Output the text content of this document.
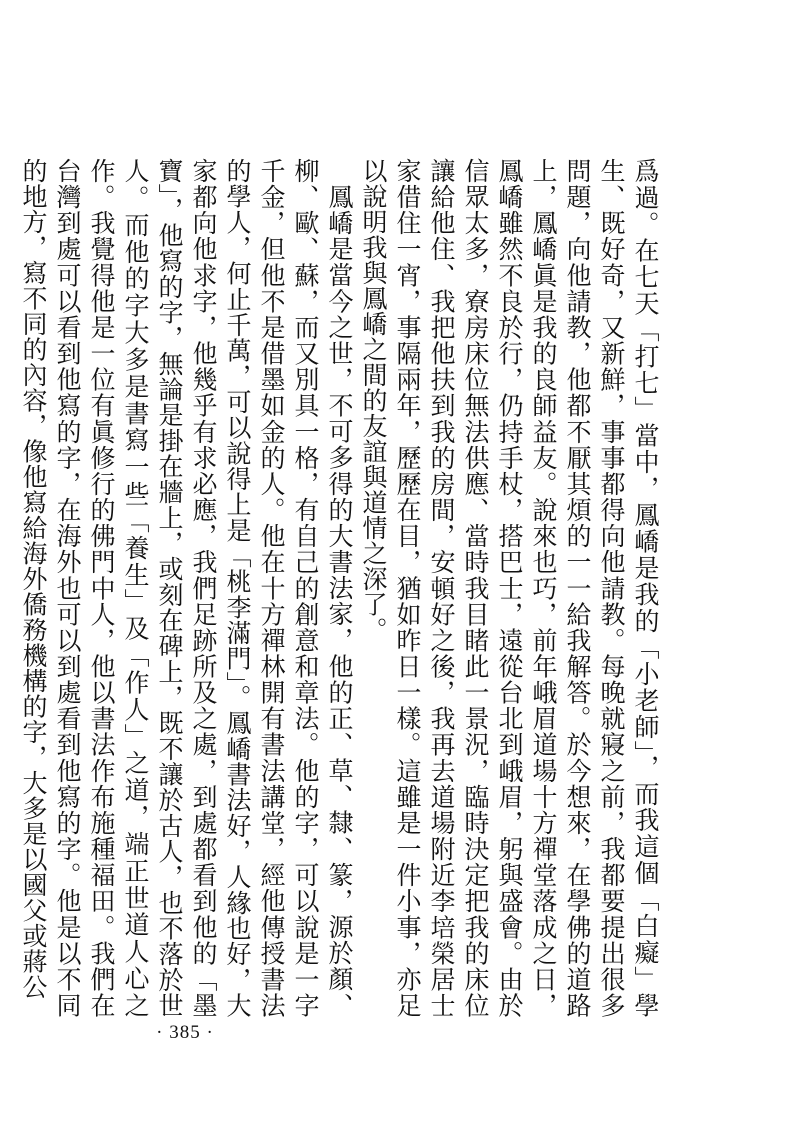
爲過。在七天「打七」當中，鳳嶠是我的「小老師」，而我這個「白癡」學生、既好奇，又新鮮，事事都得向他請教。每晚就寢之前，我都要提出很多問題，向他請教，他都不厭其煩的一一給我解答。於今想來，在學佛的道路上，鳳嶠眞是我的良師益友。說來也巧，前年峨眉道場十方禪堂落成之日，鳳嶠雖然不良於行，仍持手杖，搭巴士，遠從台北到峨眉，躬與盛會。由於信眾太多，寮房床位無法供應、當時我目睹此一景況，臨時決定把我的床位讓給他住、我把他扶到我的房間，安頓好之後，我再去道場附近李培榮居士家借住一宵，事隔兩年，歷歷在目，猶如昨日一樣。這雖是一件小事，亦足以說明我與鳳嶠之間的友誼與道情之深了。

鳳嶠是當今之世，不可多得的大書法家，他的正、草、隸、篆，源於顏、柳、歐、蘇，而又別具一格，有自己的創意和章法。他的字，可以說是一字千金，但他不是借墨如金的人。他在十方禪林開有書法講堂，經他傳授書法的學人，何止千萬，可以說得上是「桃李滿門」。鳳嶠書法好，人緣也好，大家都向他求字，他幾乎有求必應，我們足跡所及之處，到處都看到他的「墨寶」，他寫的字，無論是掛在牆上，或刻在碑上，既不讓於古人，也不落於世人。而他的字大多是書寫一些「養生」及「作人」之道，端正世道人心之作。我覺得他是一位有眞修行的佛門中人，他以書法作布施種福田。我們在台灣到處可以看到他寫的字，在海外也可以到處看到他寫的字。他是以不同的地方，寫不同的內容，像他寫給海外僑務機構的字，大多是以國父或蔣公

· 385 ·
